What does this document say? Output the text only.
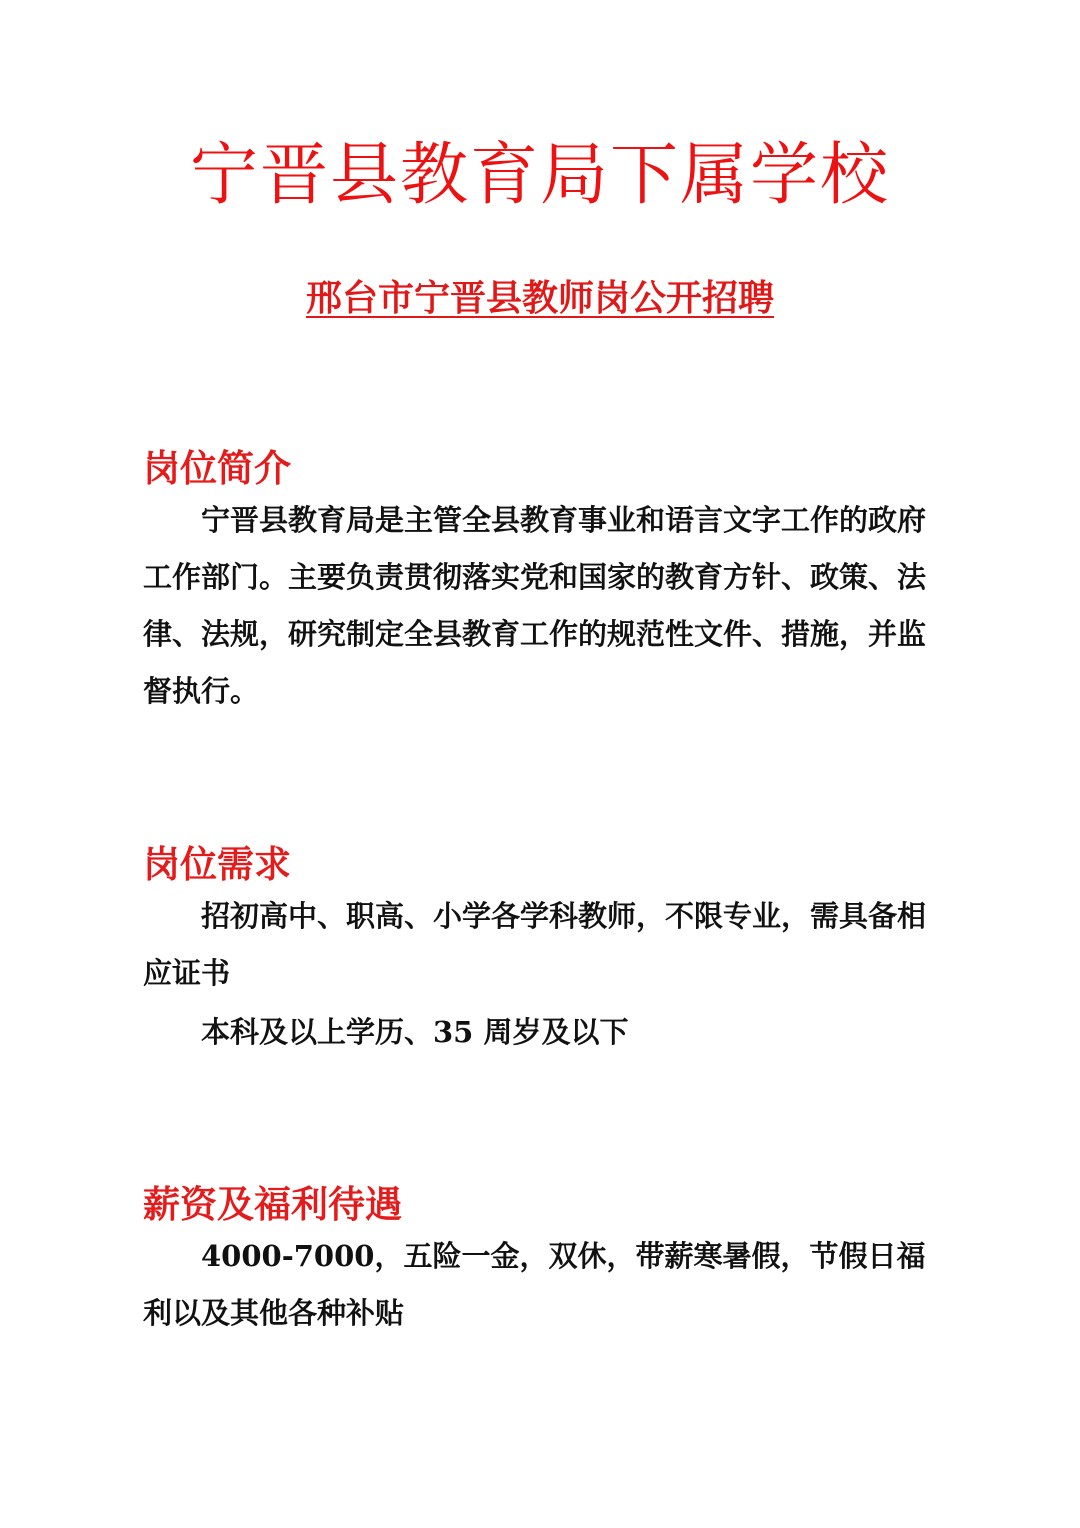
宁晋县教育局下属学校
邢台市宁晋县教师岗公开招聘
岗位简介

宁晋县教育局是主管全县教育事业和语言文字工作的政府工作部门。主要负责贯彻落实党和国家的教育方针、政策、法律、法规，研究制定全县教育工作的规范性文件、措施，并监督执行。

岗位需求

招初高中、职高、小学各学科教师，不限专业，需具备相应证书

本科及以上学历、35 周岁及以下

薪资及福利待遇

4000-7000，五险一金，双休，带薪寒暑假，节假日福利以及其他各种补贴
